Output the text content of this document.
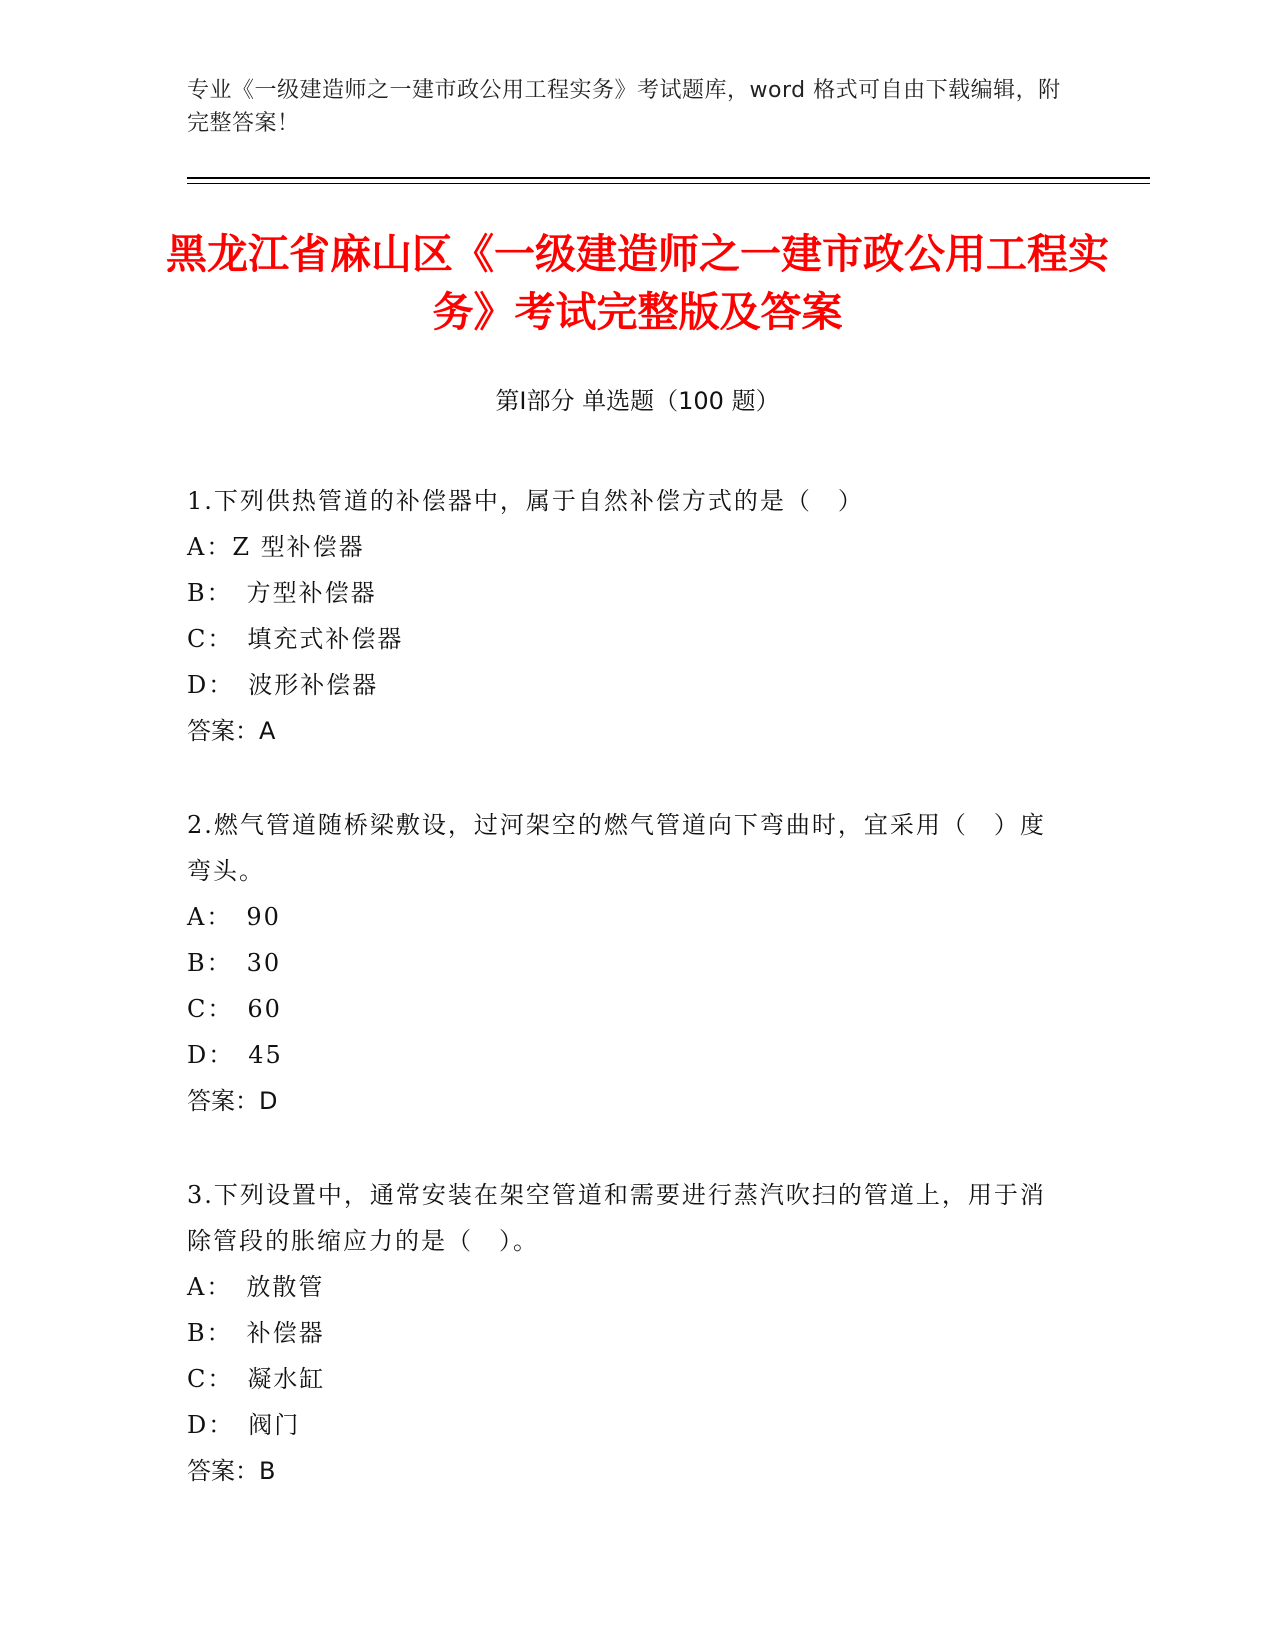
专业《一级建造师之一建市政公用工程实务》考试题库，word 格式可自由下载编辑，附完整答案！
黑龙江省麻山区《一级建造师之一建市政公用工程实务》考试完整版及答案
第Ⅰ部分 单选题（100 题）
1.下列供热管道的补偿器中，属于自然补偿方式的是（　）
A：Z 型补偿器
B：　方型补偿器
C：　填充式补偿器
D：　波形补偿器
答案：A
2.燃气管道随桥梁敷设，过河架空的燃气管道向下弯曲时，宜采用（　）度弯头。
A：　90
B：　30
C：　60
D：　45
答案：D
3.下列设置中，通常安装在架空管道和需要进行蒸汽吹扫的管道上，用于消除管段的胀缩应力的是（　）。
A：　放散管
B：　补偿器
C：　凝水缸
D：　阀门
答案：B
